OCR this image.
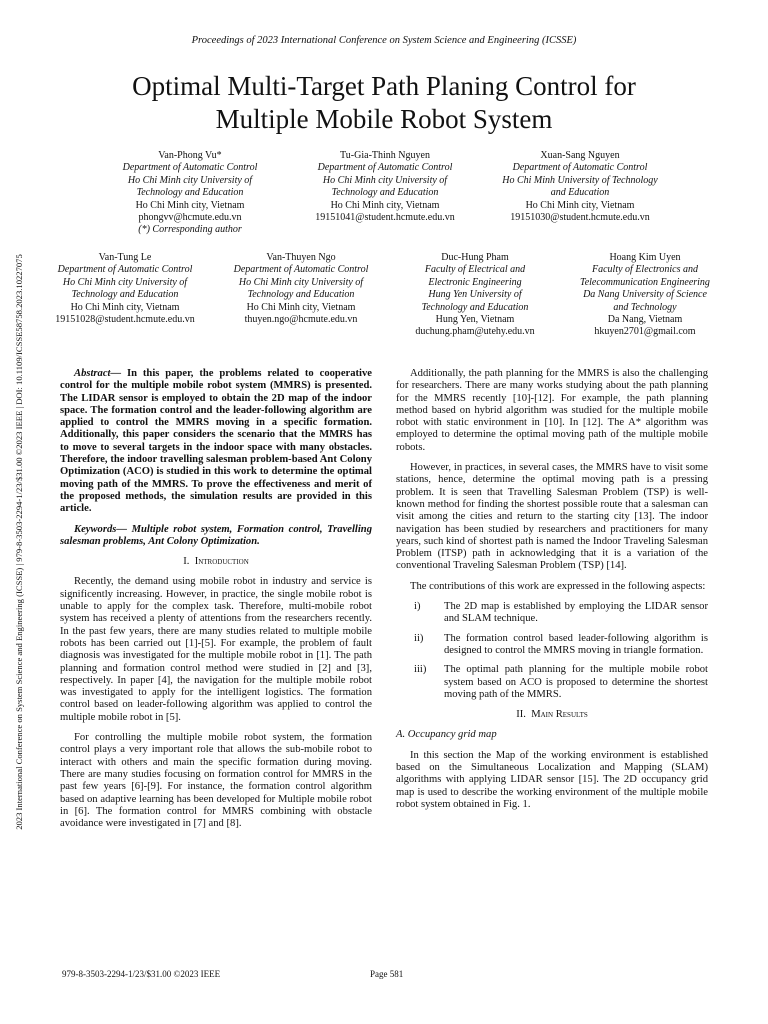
Proceedings of 2023 International Conference on System Science and Engineering (ICSSE)
Optimal Multi-Target Path Planing Control for
Multiple Mobile Robot System
2023 International Conference on System Science and Engineering (ICSSE) | 979-8-3503-2294-1/23/$31.00 ©2023 IEEE | DOI: 10.1109/ICSSE58758.2023.10227075
Van-Phong Vu*
Department of Automatic Control
Ho Chi Minh city University of
Technology and Education
Ho Chi Minh city, Vietnam
phongvv@hcmute.edu.vn
(*) Corresponding author
Tu-Gia-Thinh Nguyen
Department of Automatic Control
Ho Chi Minh city University of
Technology and Education
Ho Chi Minh city, Vietnam
19151041@student.hcmute.edu.vn
Xuan-Sang Nguyen
Department of Automatic Control
Ho Chi Minh University of Technology
and Education
Ho Chi Minh city, Vietnam
19151030@student.hcmute.edu.vn
Van-Tung Le
Department of Automatic Control
Ho Chi Minh city University of
Technology and Education
Ho Chi Minh city, Vietnam
19151028@student.hcmute.edu.vn
Van-Thuyen Ngo
Department of Automatic Control
Ho Chi Minh city University of
Technology and Education
Ho Chi Minh city, Vietnam
thuyen.ngo@hcmute.edu.vn
Duc-Hung Pham
Faculty of Electrical and
Electronic Engineering
Hung Yen University of
Technology and Education
Hung Yen, Vietnam
duchung.pham@utehy.edu.vn
Hoang Kim Uyen
Faculty of Electronics and
Telecommunication Engineering
Da Nang University of Science
and Technology
Da Nang, Vietnam
hkuyen2701@gmail.com

Abstract— In this paper, the problems related to cooperative control for the multiple mobile robot system (MMRS) is presented. The LIDAR sensor is employed to obtain the 2D map of the indoor space. The formation control and the leader-following algorithm are applied to control the MMRS moving in a specific formation. Additionally, this paper considers the scenario that the MMRS has to move to several targets in the indoor space with many obstacles. Therefore, the indoor travelling salesman problem-based Ant Colony Optimization (ACO) is studied in this work to determine the optimal moving path of the MMRS. To prove the effectiveness and merit of the proposed methods, the simulation results are provided in this article.

Keywords— Multiple robot system, Formation control, Travelling salesman problems, Ant Colony Optimization.

I. Introduction

Recently, the demand using mobile robot in industry and service is significently increasing. However, in practice, the single mobile robot is unable to apply for the complex task. Therefore, multi-mobile robot system has received a plenty of attentions from the researchers recently. In the past few years, there are many studies related to multiple mobile robots has been carried out [1]-[5]. For example, the problem of fault diagnosis was investigated for the multiple mobile robot in [1]. The path planning and formation control method were studied in [2] and [3], respectively. In paper [4], the navigation for the multiple mobile robot was investigated to apply for the intelligent logistics. The formation control based on leader-following algorithm was applied to control the multiple mobile robot in [5].

For controlling the multiple mobile robot system, the formation control plays a very important role that allows the sub-mobile robot to interact with others and main the specific formation during moving. There are many studies focusing on formation control for MMRS in the past few years [6]-[9]. For instance, the formation control algorithm based on adaptive learning has been developed for Multiple mobile robot in [6]. The formation control for MMRS combining with obstacle avoidance were investigated in [7] and [8].

Additionally, the path planning for the MMRS is also the challenging for researchers. There are many works studying about the path planning for the MMRS recently [10]-[12]. For example, the path planning method based on hybrid algorithm was studied for the multiple mobile robot with static environment in [10]. In [12]. The A* algorithm was employed to determine the optimal moving path of the multiple mobile robots.

However, in practices, in several cases, the MMRS have to visit some stations, hence, determine the optimal moving path is a pressing problem. It is seen that Travelling Salesman Problem (TSP) is well-known method for finding the shortest possible route that a salesman can visit among the cities and return to the starting city [13]. The indoor navigation has been studied by researchers and practitioners for many years, such kind of shortest path is named the Indoor Traveling Salesman Problem (ITSP) path in acknowledging that it is a variation of the conventional Traveling Salesman Problem (TSP) [14].

The contributions of this work are expressed in the following aspects:

i)	The 2D map is established by employing the LIDAR sensor and SLAM technique.
ii)	The formation control based leader-following algorithm is designed to control the MMRS moving in triangle formation.
iii)	The optimal path planning for the multiple mobile robot system based on ACO is proposed to determine the shortest moving path of the MMRS.
II. Main Results
A. Occupancy grid map

In this section the Map of the working environment is established based on the Simultaneous Localization and Mapping (SLAM) algorithms with applying LIDAR sensor [15]. The 2D occupancy grid map is used to describe the working environment of the multiple mobile robot system obtained in Fig. 1.

979-8-3503-2294-1/23/$31.00 ©2023 IEEE	Page 581
